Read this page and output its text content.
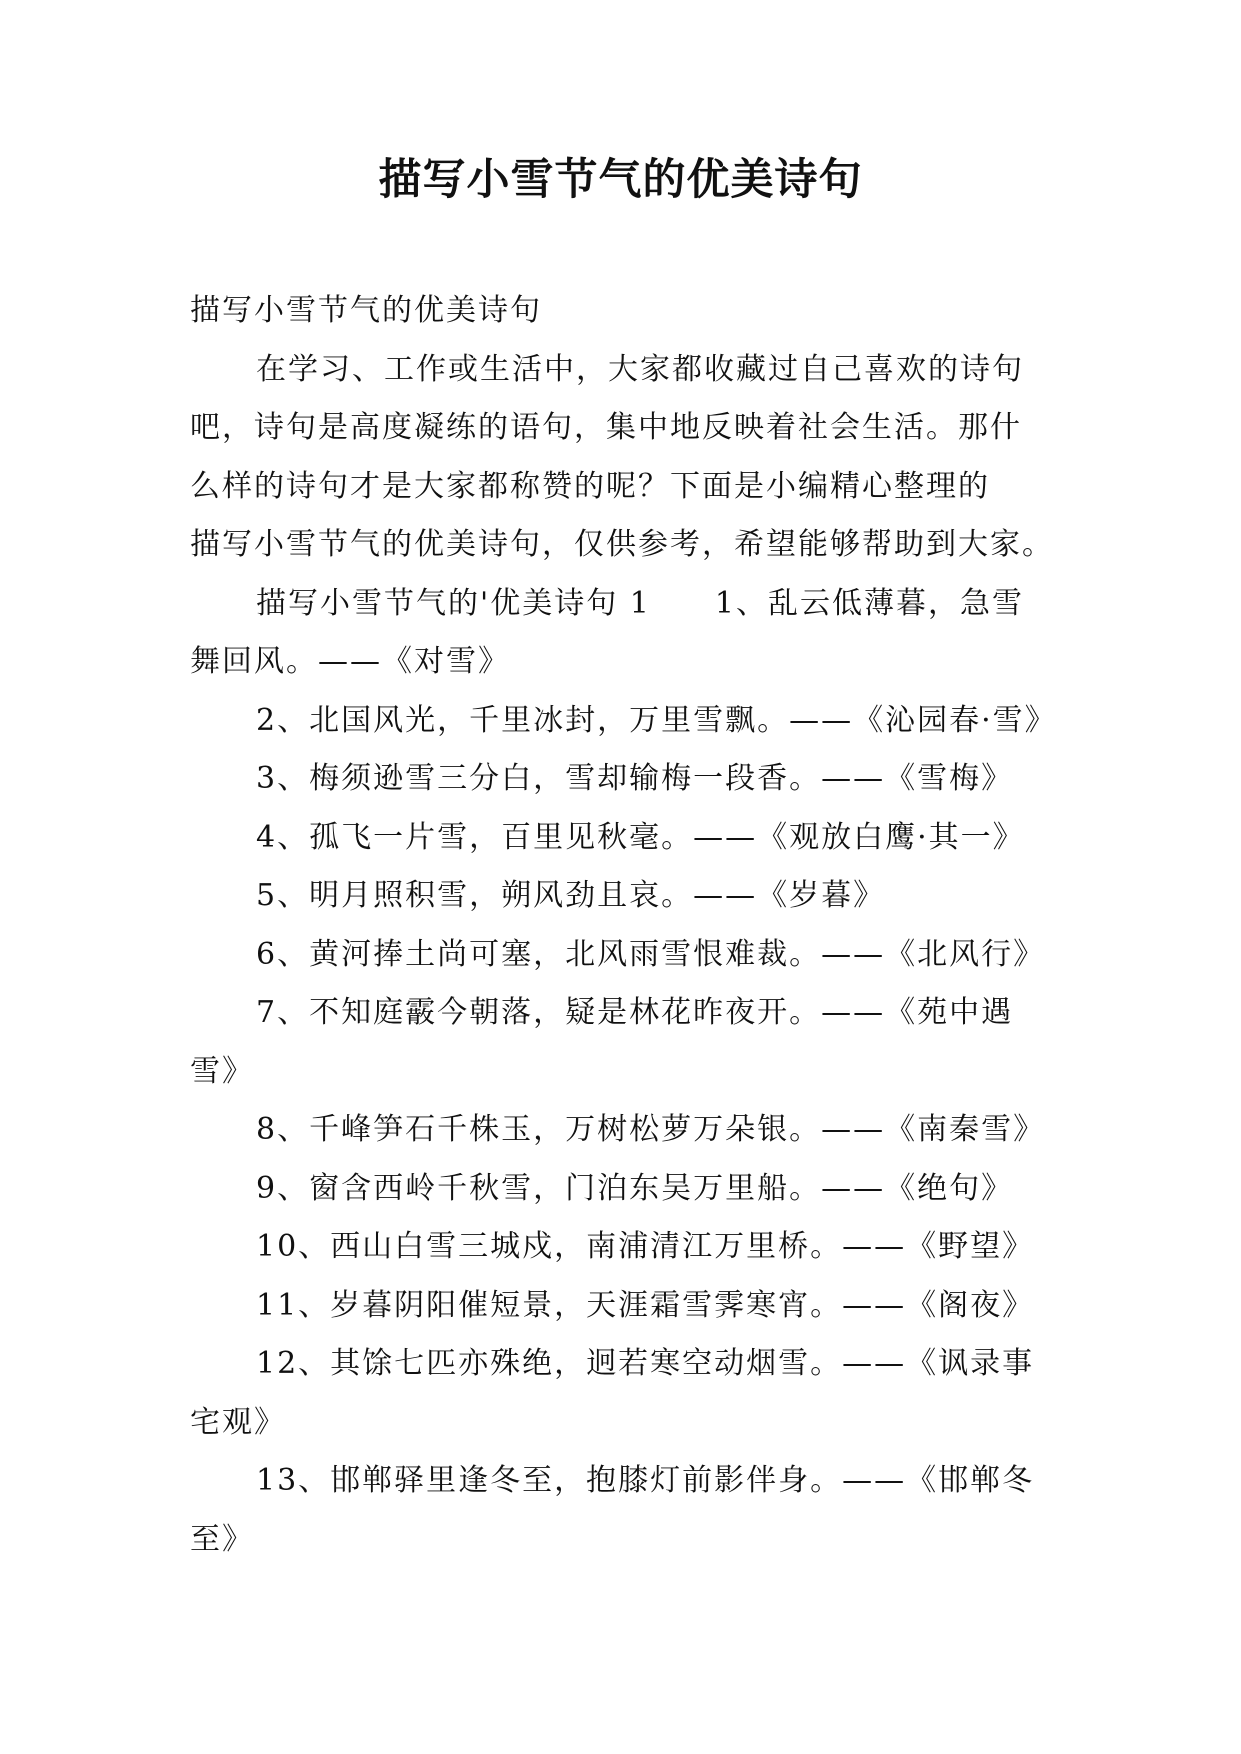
描写小雪节气的优美诗句
描写小雪节气的优美诗句
在学习、工作或生活中，大家都收藏过自己喜欢的诗句
吧，诗句是高度凝练的语句，集中地反映着社会生活。那什
么样的诗句才是大家都称赞的呢？下面是小编精心整理的
描写小雪节气的优美诗句，仅供参考，希望能够帮助到大家。
描写小雪节气的'优美诗句 1　　1、乱云低薄暮，急雪
舞回风。——《对雪》
2、北国风光，千里冰封，万里雪飘。——《沁园春·雪》
3、梅须逊雪三分白，雪却输梅一段香。——《雪梅》
4、孤飞一片雪，百里见秋毫。——《观放白鹰·其一》
5、明月照积雪，朔风劲且哀。——《岁暮》
6、黄河捧土尚可塞，北风雨雪恨难裁。——《北风行》
7、不知庭霰今朝落，疑是林花昨夜开。——《苑中遇
雪》
8、千峰笋石千株玉，万树松萝万朵银。——《南秦雪》
9、窗含西岭千秋雪，门泊东吴万里船。——《绝句》
10、西山白雪三城戍，南浦清江万里桥。——《野望》
11、岁暮阴阳催短景，天涯霜雪霁寒宵。——《阁夜》
12、其馀七匹亦殊绝，迥若寒空动烟雪。——《讽录事
宅观》
13、邯郸驿里逢冬至，抱膝灯前影伴身。——《邯郸冬
至》
